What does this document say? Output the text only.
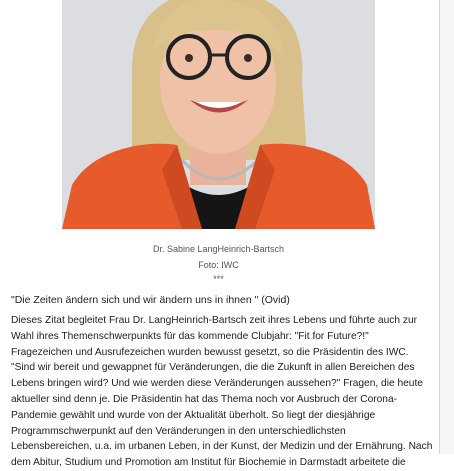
Dr. Sabine LangHeinrich-Bartsch
Foto: IWC
***
"Die Zeiten ändern sich und wir ändern uns in ihnen " (Ovid)
Dieses Zitat begleitet Frau Dr. LangHeinrich-Bartsch zeit ihres Lebens und führte auch zur
Wahl ihres Themenschwerpunkts für das kommende Clubjahr: "Fit for Future?!"
Fragezeichen und Ausrufezeichen wurden bewusst gesetzt, so die Präsidentin des IWC.
"Sind wir bereit und gewappnet für Veränderungen, die die Zukunft in allen Bereichen des
Lebens bringen wird? Und wie werden diese Veränderungen aussehen?" Fragen, die heute
aktueller sind denn je. Die Präsidentin hat das Thema noch vor Ausbruch der Corona-
Pandemie gewählt und wurde von der Aktualität überholt. So liegt der diesjährige
Programmschwerpunkt auf den Veränderungen in den unterschiedlichsten
Lebensbereichen, u.a. im urbanen Leben, in der Kunst, der Medizin und der Ernährung. Nach
dem Abitur, Studium und Promotion am Institut für Biochemie in Darmstadt arbeitete die
